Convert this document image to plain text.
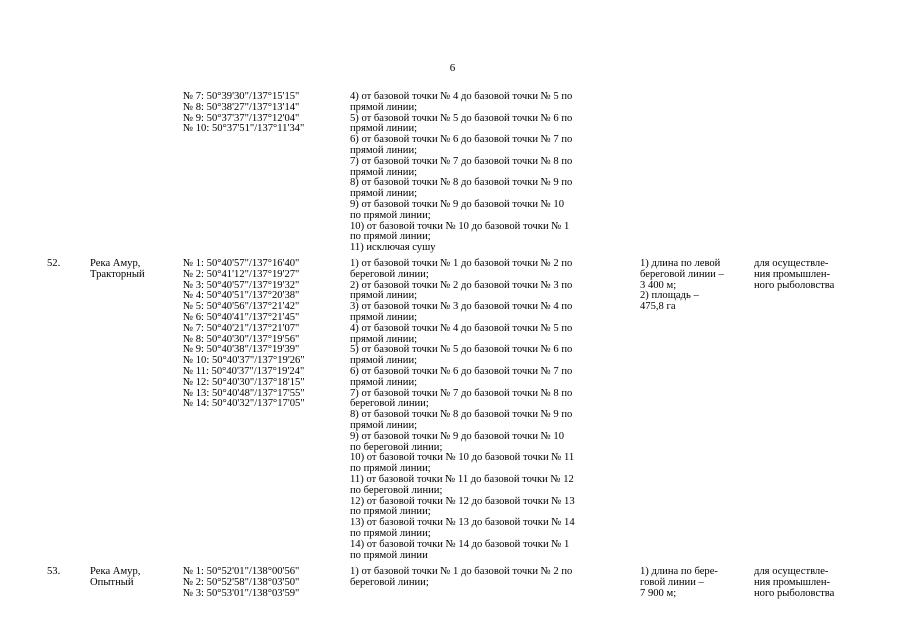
6
№ 7: 50°39'30"/137°15'15"
№ 8: 50°38'27"/137°13'14"
№ 9: 50°37'37"/137°12'04"
№ 10: 50°37'51"/137°11'34"
4) от базовой точки № 4 до базовой точки № 5 по
прямой линии;
5) от базовой точки № 5 до базовой точки № 6 по
прямой линии;
6) от базовой точки № 6 до базовой точки № 7 по
прямой линии;
7) от базовой точки № 7 до базовой точки № 8 по
прямой линии;
8) от базовой точки № 8 до базовой точки № 9 по
прямой линии;
9) от базовой точки № 9 до базовой точки № 10
по прямой линии;
10) от базовой точки № 10 до базовой точки № 1
по прямой линии;
11) исключая сушу
52.	Река Амур,
Тракторный
№ 1: 50°40'57"/137°16'40"
№ 2: 50°41'12"/137°19'27"
№ 3: 50°40'57"/137°19'32"
№ 4: 50°40'51"/137°20'38"
№ 5: 50°40'56"/137°21'42"
№ 6: 50°40'41"/137°21'45"
№ 7: 50°40'21"/137°21'07"
№ 8: 50°40'30"/137°19'56"
№ 9: 50°40'38"/137°19'39"
№ 10: 50°40'37"/137°19'26"
№ 11: 50°40'37"/137°19'24"
№ 12: 50°40'30"/137°18'15"
№ 13: 50°40'48"/137°17'55"
№ 14: 50°40'32"/137°17'05"
1) от базовой точки № 1 до базовой точки № 2 по
береговой линии;
2) от базовой точки № 2 до базовой точки № 3 по
прямой линии;
3) от базовой точки № 3 до базовой точки № 4 по
прямой линии;
4) от базовой точки № 4 до базовой точки № 5 по
прямой линии;
5) от базовой точки № 5 до базовой точки № 6 по
прямой линии;
6) от базовой точки № 6 до базовой точки № 7 по
прямой линии;
7) от базовой точки № 7 до базовой точки № 8 по
береговой линии;
8) от базовой точки № 8 до базовой точки № 9 по
прямой линии;
9) от базовой точки № 9 до базовой точки № 10
по береговой линии;
10) от базовой точки № 10 до базовой точки № 11
по прямой линии;
11) от базовой точки № 11 до базовой точки № 12
по береговой линии;
12) от базовой точки № 12 до базовой точки № 13
по прямой линии;
13) от базовой точки № 13 до базовой точки № 14
по прямой линии;
14) от базовой точки № 14 до базовой точки № 1
по прямой линии
1) длина по левой
береговой линии –
3 400 м;
2) площадь –
475,8 га
для осуществле-
ния промышлен-
ного рыболовства
53.	Река Амур,
Опытный
№ 1: 50°52'01"/138°00'56"
№ 2: 50°52'58"/138°03'50"
№ 3: 50°53'01"/138°03'59"
1) от базовой точки № 1 до базовой точки № 2 по
береговой линии;
1) длина по бере-
говой линии –
7 900 м;
для осуществле-
ния промышлен-
ного рыболовства
